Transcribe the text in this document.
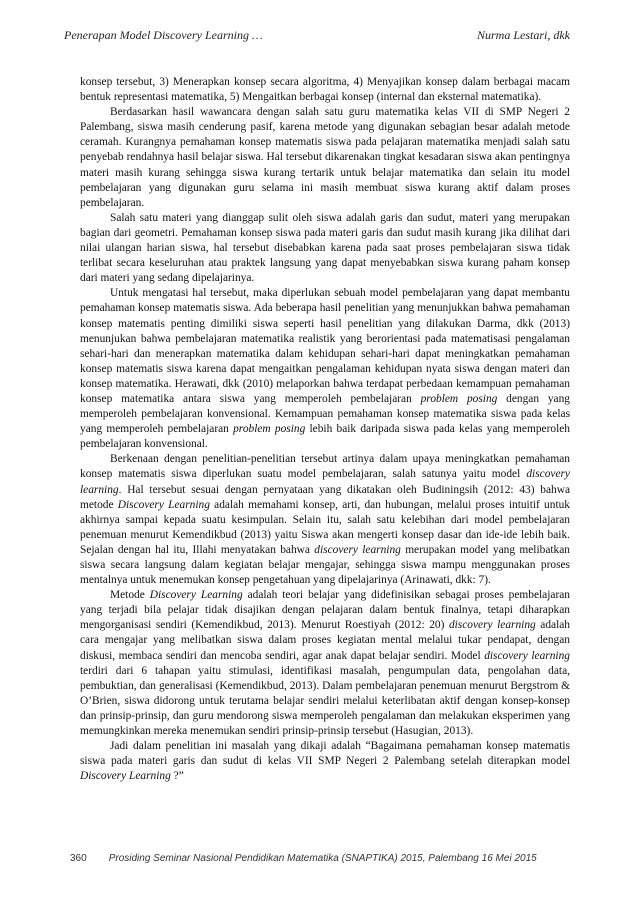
Penerapan Model Discovery Learning …	Nurma Lestari, dkk

konsep tersebut, 3) Menerapkan konsep secara algoritma, 4) Menyajikan konsep dalam berbagai macam bentuk representasi matematika, 5) Mengaitkan berbagai konsep (internal dan eksternal matematika).

Berdasarkan hasil wawancara dengan salah satu guru matematika kelas VII di SMP Negeri 2 Palembang, siswa masih cenderung pasif, karena metode yang digunakan sebagian besar adalah metode ceramah. Kurangnya pemahaman konsep matematis siswa pada pelajaran matematika menjadi salah satu penyebab rendahnya hasil belajar siswa. Hal tersebut dikarenakan tingkat kesadaran siswa akan pentingnya materi masih kurang sehingga siswa kurang tertarik untuk belajar matematika dan selain itu model pembelajaran yang digunakan guru selama ini masih membuat siswa kurang aktif dalam proses pembelajaran.

Salah satu materi yang dianggap sulit oleh siswa adalah garis dan sudut, materi yang merupakan bagian dari geometri. Pemahaman konsep siswa pada materi garis dan sudut masih kurang jika dilihat dari nilai ulangan harian siswa, hal tersebut disebabkan karena pada saat proses pembelajaran siswa tidak terlibat secara keseluruhan atau praktek langsung yang dapat menyebabkan siswa kurang paham konsep dari materi yang sedang dipelajarinya.

Untuk mengatasi hal tersebut, maka diperlukan sebuah model pembelajaran yang dapat membantu pemahaman konsep matematis siswa. Ada beberapa hasil penelitian yang menunjukkan bahwa pemahaman konsep matematis penting dimiliki siswa seperti hasil penelitian yang dilakukan Darma, dkk (2013) menunjukan bahwa pembelajaran matematika realistik yang berorientasi pada matematisasi pengalaman sehari-hari dan menerapkan matematika dalam kehidupan sehari-hari dapat meningkatkan pemahaman konsep matematis siswa karena dapat mengaitkan pengalaman kehidupan nyata siswa dengan materi dan konsep matematika. Herawati, dkk (2010) melaporkan bahwa terdapat perbedaan kemampuan pemahaman konsep matematika antara siswa yang memperoleh pembelajaran problem posing dengan yang memperoleh pembelajaran konvensional. Kemampuan pemahaman konsep matematika siswa pada kelas yang memperoleh pembelajaran problem posing lebih baik daripada siswa pada kelas yang memperoleh pembelajaran konvensional.

Berkenaan dengan penelitian-penelitian tersebut artinya dalam upaya meningkatkan pemahaman konsep matematis siswa diperlukan suatu model pembelajaran, salah satunya yaitu model discovery learning. Hal tersebut sesuai dengan pernyataan yang dikatakan oleh Budiningsih (2012: 43) bahwa metode Discovery Learning adalah memahami konsep, arti, dan hubungan, melalui proses intuitif untuk akhirnya sampai kepada suatu kesimpulan. Selain itu, salah satu kelebihan dari model pembelajaran penemuan menurut Kemendikbud (2013) yaitu Siswa akan mengerti konsep dasar dan ide-ide lebih baik. Sejalan dengan hal itu, Illahi menyatakan bahwa discovery learning merupakan model yang melibatkan siswa secara langsung dalam kegiatan belajar mengajar, sehingga siswa mampu menggunakan proses mentalnya untuk menemukan konsep pengetahuan yang dipelajarinya (Arinawati, dkk: 7).

Metode Discovery Learning adalah teori belajar yang didefinisikan sebagai proses pembelajaran yang terjadi bila pelajar tidak disajikan dengan pelajaran dalam bentuk finalnya, tetapi diharapkan mengorganisasi sendiri (Kemendikbud, 2013). Menurut Roestiyah (2012: 20) discovery learning adalah cara mengajar yang melibatkan siswa dalam proses kegiatan mental melalui tukar pendapat, dengan diskusi, membaca sendiri dan mencoba sendiri, agar anak dapat belajar sendiri. Model discovery learning terdiri dari 6 tahapan yaitu stimulasi, identifikasi masalah, pengumpulan data, pengolahan data, pembuktian, dan generalisasi (Kemendikbud, 2013). Dalam pembelajaran penemuan menurut Bergstrom & O’Brien, siswa didorong untuk terutama belajar sendiri melalui keterlibatan aktif dengan konsep-konsep dan prinsip-prinsip, dan guru mendorong siswa memperoleh pengalaman dan melakukan eksperimen yang memungkinkan mereka menemukan sendiri prinsip-prinsip tersebut (Hasugian, 2013).

Jadi dalam penelitian ini masalah yang dikaji adalah “Bagaimana pemahaman konsep matematis siswa pada materi garis dan sudut di kelas VII SMP Negeri 2 Palembang setelah diterapkan model Discovery Learning ?”

360 Prosiding Seminar Nasional Pendidikan Matematika (SNAPTIKA) 2015, Palembang 16 Mei 2015
